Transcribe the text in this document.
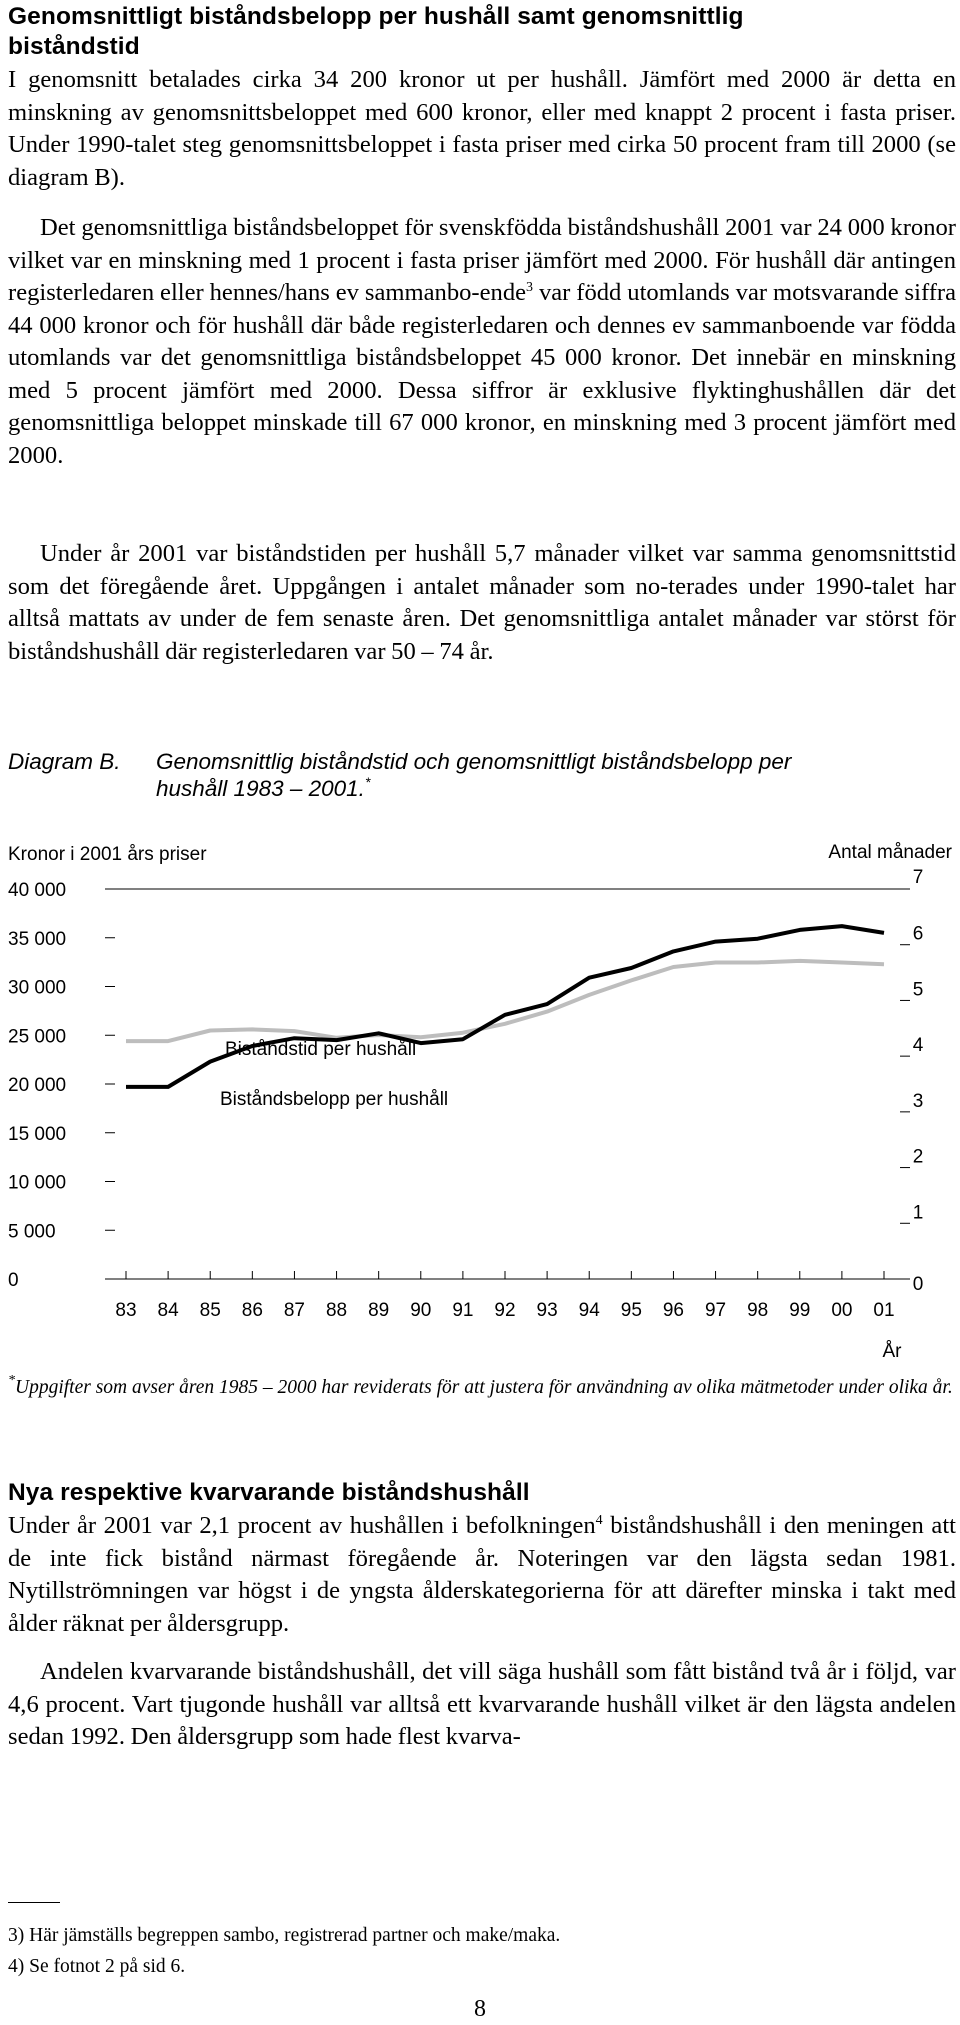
Genomsnittligt biståndsbelopp per hushåll samt genomsnittlig
biståndstid

I genomsnitt betalades cirka 34 200 kronor ut per hushåll. Jämfört med 2000 är detta en minskning av genomsnittsbeloppet med 600 kronor, eller med knappt 2 procent i fasta priser. Under 1990-talet steg genomsnittsbeloppet i fasta priser med cirka 50 procent fram till 2000 (se diagram B).

Det genomsnittliga biståndsbeloppet för svenskfödda biståndshushåll 2001 var 24 000 kronor vilket var en minskning med 1 procent i fasta priser jämfört med 2000. För hushåll där antingen registerledaren eller hennes/hans ev sammanbo-ende$^3$ var född utomlands var motsvarande siffra 44 000 kronor och för hushåll där både registerledaren och dennes ev sammanboende var födda utomlands var det genomsnittliga biståndsbeloppet 45 000 kronor. Det innebär en minskning med 5 procent jämfört med 2000. Dessa siffror är exklusive flyktinghushållen där det genomsnittliga beloppet minskade till 67 000 kronor, en minskning med 3 procent jämfört med 2000.

Under år 2001 var biståndstiden per hushåll 5,7 månader vilket var samma genomsnittstid som det föregående året. Uppgången i antalet månader som no-terades under 1990-talet har alltså mattats av under de fem senaste åren. Det genomsnittliga antalet månader var störst för biståndshushåll där registerledaren var 50 – 74 år.

Diagram B. Genomsnittlig biståndstid och genomsnittligt biståndsbelopp per
hushåll 1983 – 2001.*
Kronor i 2001 års priser	Antal månader
40 000
35 000
30 000
25 000
20 000
15 000
10 000
5 000
0
7
6
5
4
3
2
1
0
83 84 85 86 87 88 89 90 91 92 93 94 95 96 97 98 99 00 01
År
Biståndstid per hushåll
Biståndsbelopp per hushåll
*Uppgifter som avser åren 1985 – 2000 har reviderats för att justera för användning av olika mätmetoder under olika år.
Nya respektive kvarvarande biståndshushåll

Under år 2001 var 2,1 procent av hushållen i befolkningen$^4$ biståndshushåll i den meningen att de inte fick bistånd närmast föregående år. Noteringen var den lägsta sedan 1981. Nytillströmningen var högst i de yngsta ålderskategorierna för att därefter minska i takt med ålder räknat per åldersgrupp.

Andelen kvarvarande biståndshushåll, det vill säga hushåll som fått bistånd två år i följd, var 4,6 procent. Vart tjugonde hushåll var alltså ett kvarvarande hushåll vilket är den lägsta andelen sedan 1992. Den åldersgrupp som hade flest kvarva-

3) Här jämställs begreppen sambo, registrerad partner och make/maka.
4) Se fotnot 2 på sid 6.
8
